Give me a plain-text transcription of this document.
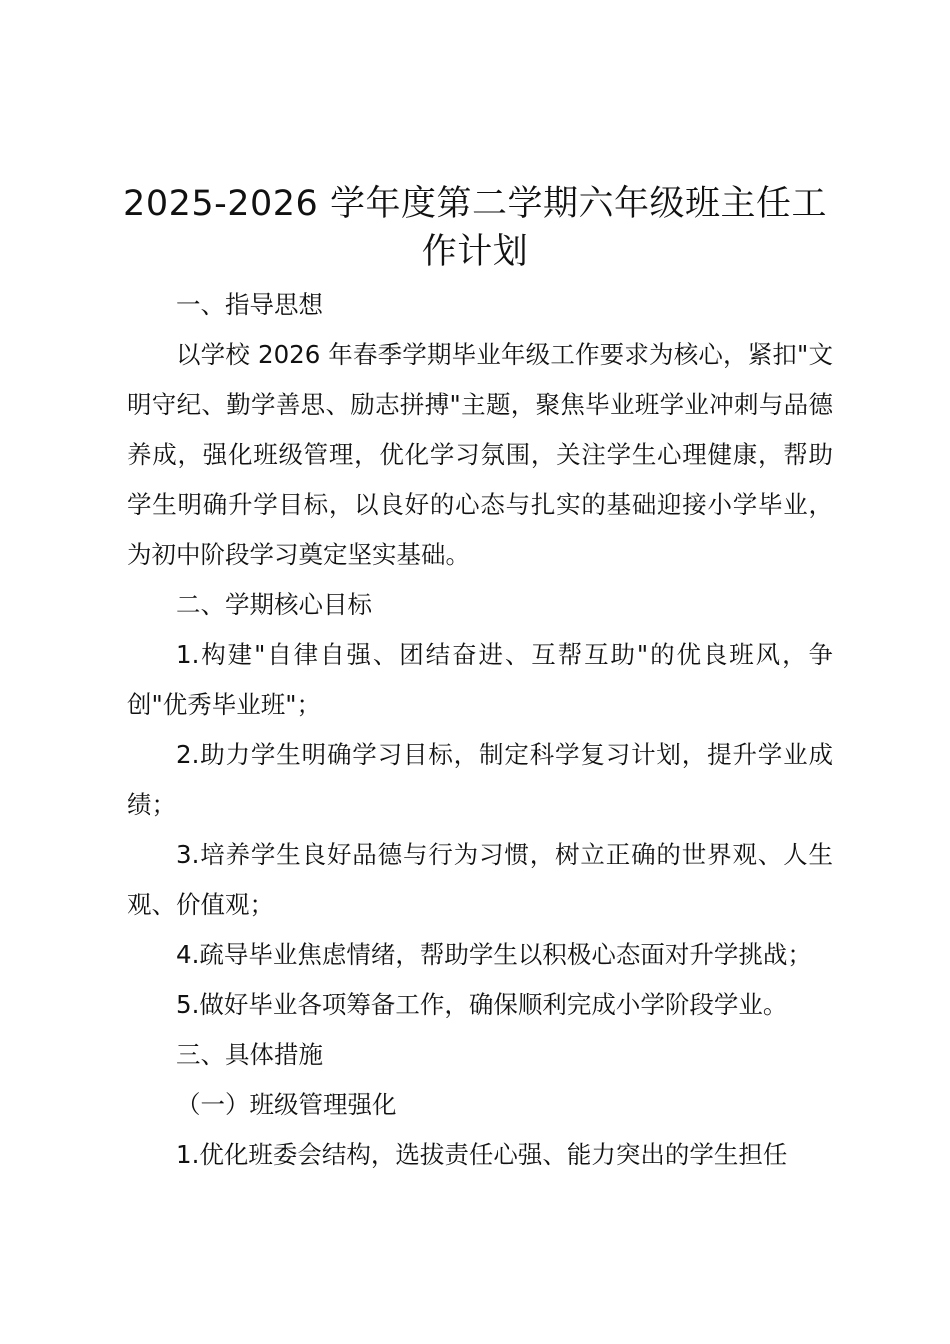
2025-2026 学年度第二学期六年级班主任工作计划

一、指导思想

以学校 2026 年春季学期毕业年级工作要求为核心，紧扣"文明守纪、勤学善思、励志拼搏"主题，聚焦毕业班学业冲刺与品德养成，强化班级管理，优化学习氛围，关注学生心理健康，帮助学生明确升学目标，以良好的心态与扎实的基础迎接小学毕业，为初中阶段学习奠定坚实基础。

二、学期核心目标

1.构建"自律自强、团结奋进、互帮互助"的优良班风，争创"优秀毕业班"；

2.助力学生明确学习目标，制定科学复习计划，提升学业成绩；

3.培养学生良好品德与行为习惯，树立正确的世界观、人生观、价值观；

4.疏导毕业焦虑情绪，帮助学生以积极心态面对升学挑战；

5.做好毕业各项筹备工作，确保顺利完成小学阶段学业。

三、具体措施

（一）班级管理强化

1.优化班委会结构，选拔责任心强、能力突出的学生担任
